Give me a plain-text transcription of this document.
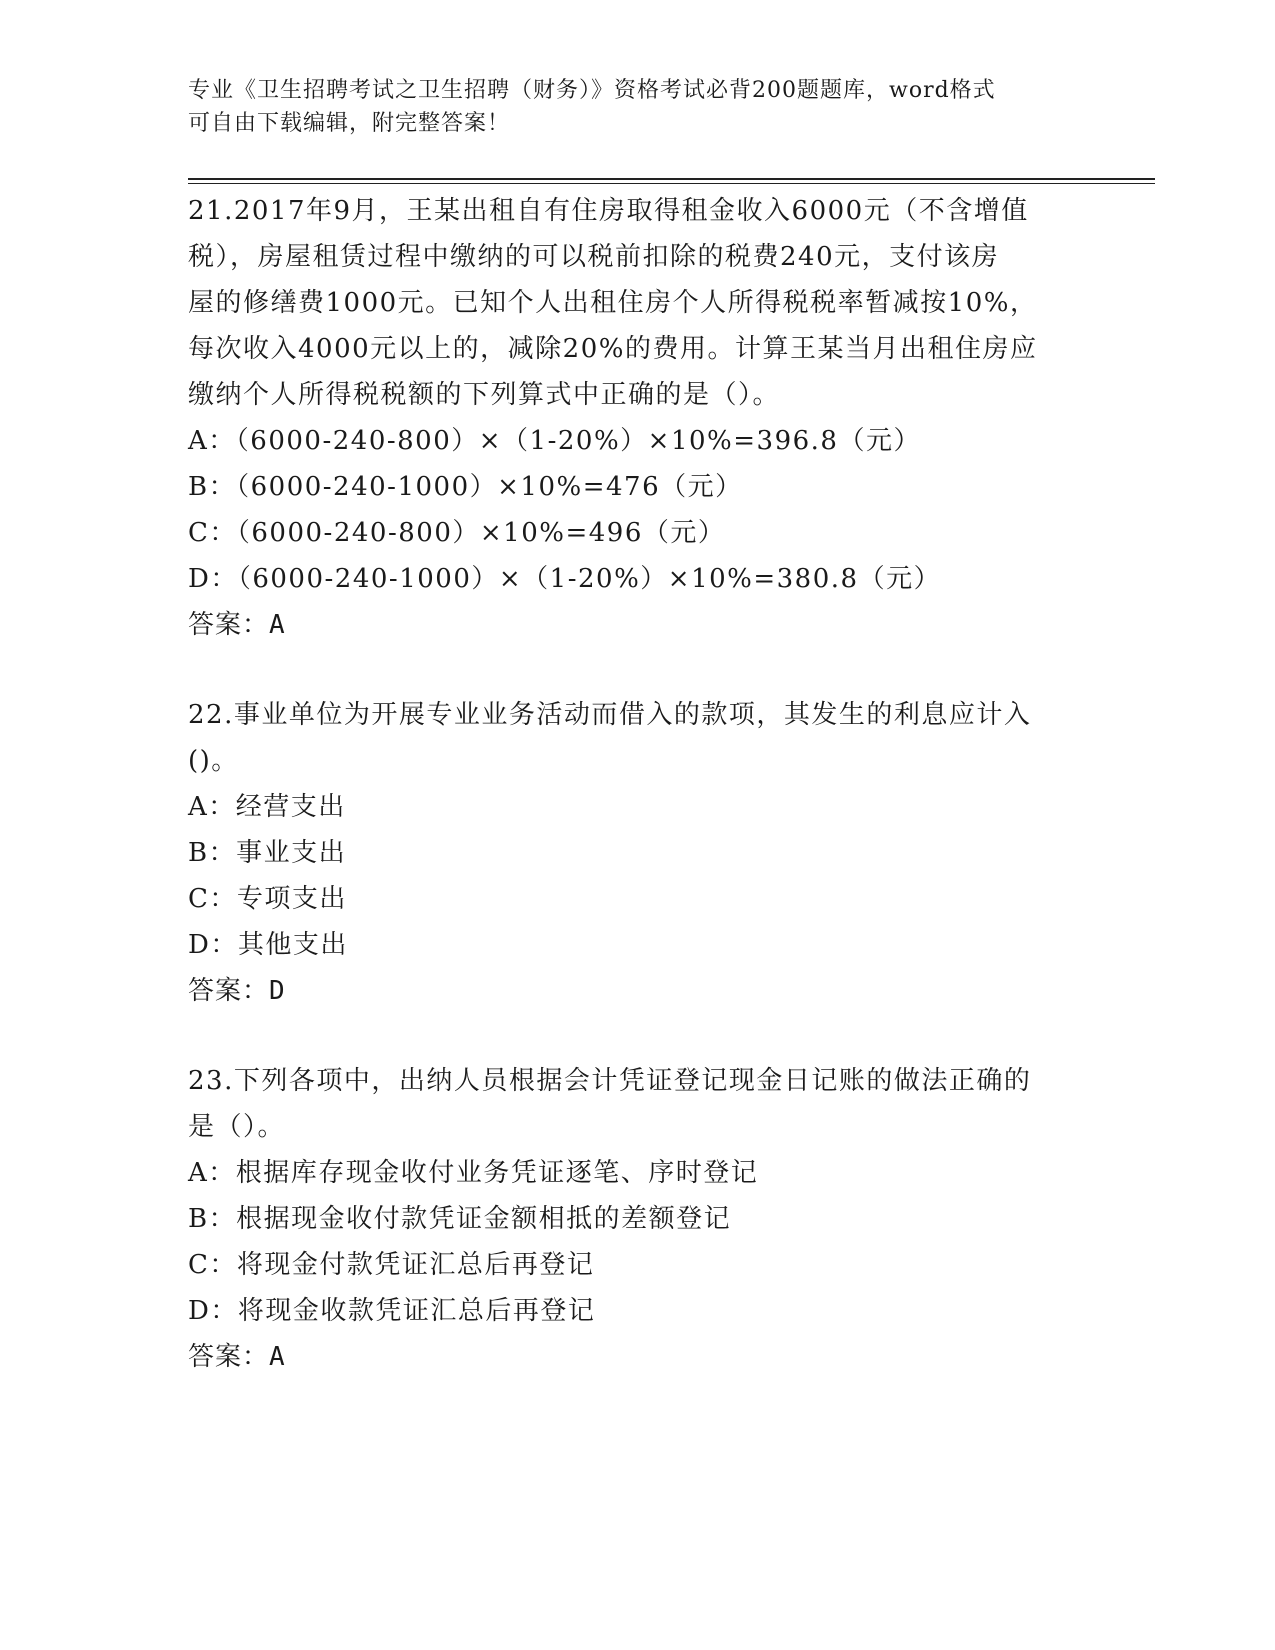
专业《卫生招聘考试之卫生招聘（财务）》资格考试必背200题题库，word格式
可自由下载编辑，附完整答案！

21.2017年9月，王某出租自有住房取得租金收入6000元（不含增值

税），房屋租赁过程中缴纳的可以税前扣除的税费240元，支付该房

屋的修缮费1000元。已知个人出租住房个人所得税税率暂减按10%，

每次收入4000元以上的，减除20%的费用。计算王某当月出租住房应

缴纳个人所得税税额的下列算式中正确的是（）。

A：（6000-240-800）×（1-20%）×10%=396.8（元）

B：（6000-240-1000）×10%=476（元）

C：（6000-240-800）×10%=496（元）

D：（6000-240-1000）×（1-20%）×10%=380.8（元）

答案：A

22.事业单位为开展专业业务活动而借入的款项，其发生的利息应计入

()。

A：经营支出

B：事业支出

C：专项支出

D：其他支出

答案：D

23.下列各项中，出纳人员根据会计凭证登记现金日记账的做法正确的

是（）。

A：根据库存现金收付业务凭证逐笔、序时登记

B：根据现金收付款凭证金额相抵的差额登记

C：将现金付款凭证汇总后再登记

D：将现金收款凭证汇总后再登记

答案：A
